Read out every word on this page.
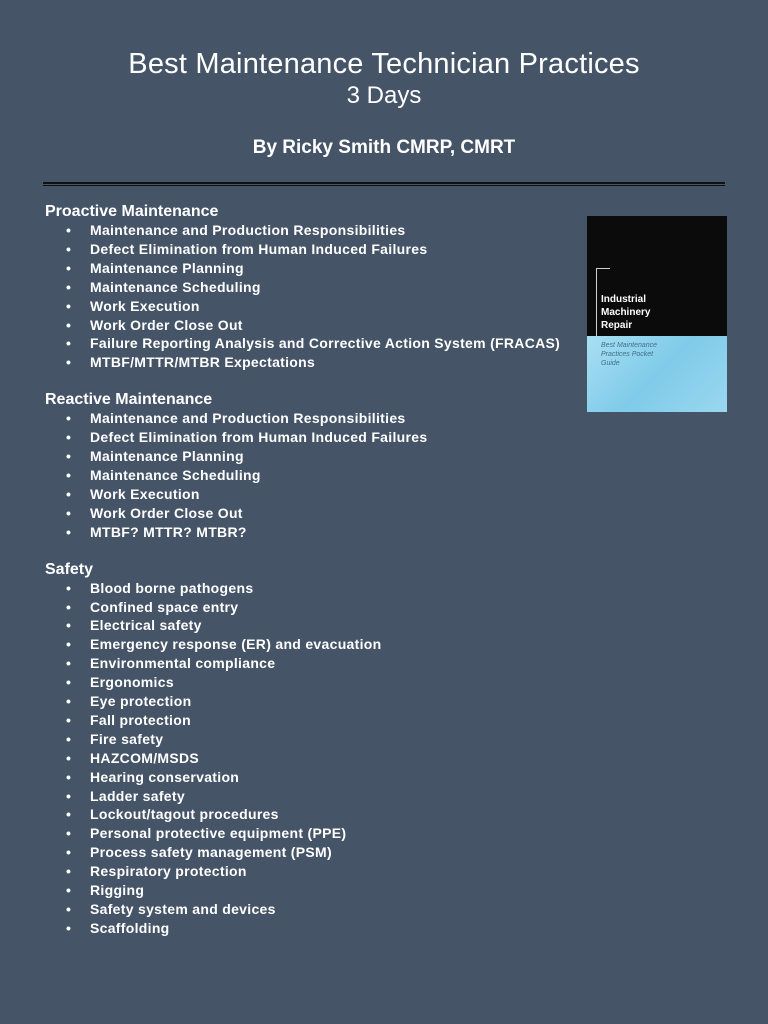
Best Maintenance Technician Practices
3 Days
By Ricky Smith CMRP, CMRT
Proactive Maintenance
• Maintenance and Production Responsibilities
• Defect Elimination from Human Induced Failures
• Maintenance Planning
• Maintenance Scheduling
• Work Execution
• Work Order Close Out
• Failure Reporting Analysis and Corrective Action System (FRACAS)
• MTBF/MTTR/MTBR Expectations
Reactive Maintenance
• Maintenance and Production Responsibilities
• Defect Elimination from Human Induced Failures
• Maintenance Planning
• Maintenance Scheduling
• Work Execution
• Work Order Close Out
• MTBF? MTTR? MTBR?
Safety
• Blood borne pathogens
• Confined space entry
• Electrical safety
• Emergency response (ER) and evacuation
• Environmental compliance
• Ergonomics
• Eye protection
• Fall protection
• Fire safety
• HAZCOM/MSDS
• Hearing conservation
• Ladder safety
• Lockout/tagout procedures
• Personal protective equipment (PPE)
• Process safety management (PSM)
• Respiratory protection
• Rigging
• Safety system and devices
• Scaffolding
Industrial
Machinery
Repair
Best Maintenance
Practices Pocket
Guide
